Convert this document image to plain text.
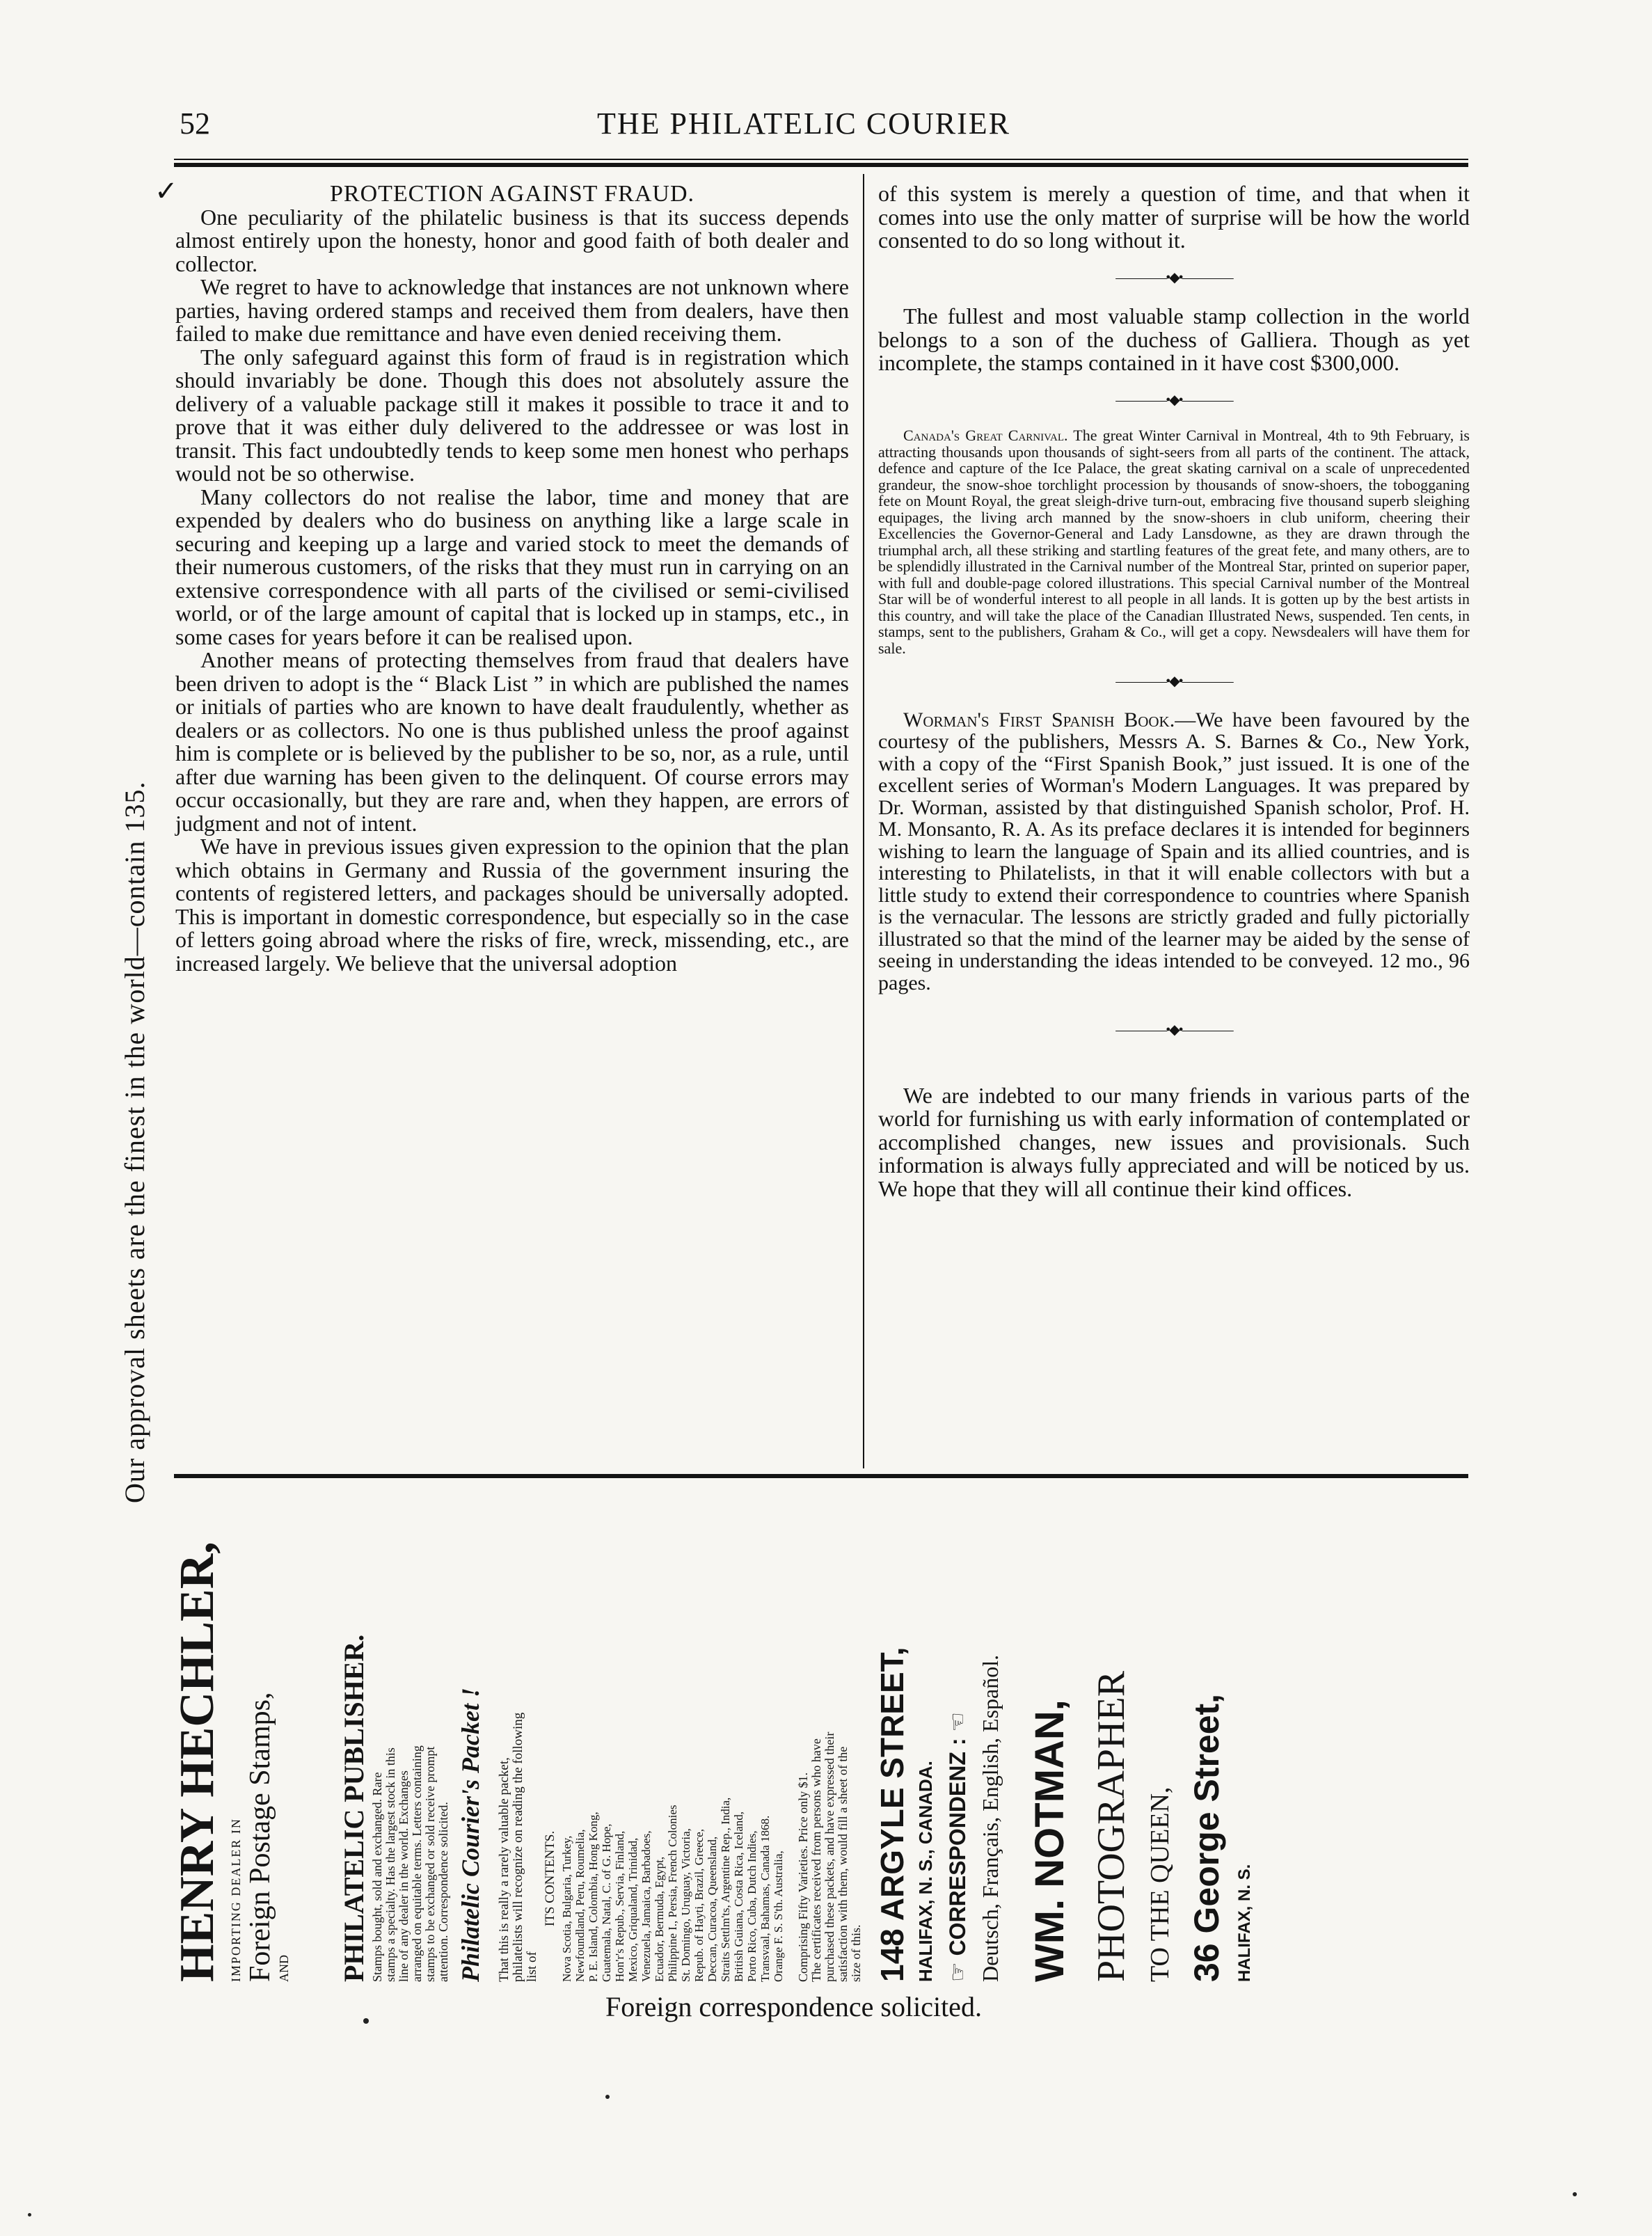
52	THE PHILATELIC COURIER
✓	PROTECTION AGAINST FRAUD.

One peculiarity of the philatelic business is that its success depends almost entirely upon the honesty, honor and good faith of both dealer and collector.

We regret to have to acknowledge that instances are not unknown where parties, having ordered stamps and received them from dealers, have then failed to make due remittance and have even denied receiving them.

The only safeguard against this form of fraud is in registration which should invariably be done. Though this does not absolutely assure the delivery of a valuable package still it makes it possible to trace it and to prove that it was either duly delivered to the addressee or was lost in transit. This fact undoubtedly tends to keep some men honest who perhaps would not be so otherwise.

Many collectors do not realise the labor, time and money that are expended by dealers who do business on anything like a large scale in securing and keeping up a large and varied stock to meet the demands of their numerous customers, of the risks that they must run in carrying on an extensive correspondence with all parts of the civilised or semi-civilised world, or of the large amount of capital that is locked up in stamps, etc., in some cases for years before it can be realised upon.

Another means of protecting themselves from fraud that dealers have been driven to adopt is the “ Black List ” in which are published the names or initials of parties who are known to have dealt fraudulently, whether as dealers or as collectors. No one is thus published unless the proof against him is complete or is believed by the publisher to be so, nor, as a rule, until after due warning has been given to the delinquent. Of course errors may occur occasionally, but they are rare and, when they happen, are errors of judgment and not of intent.

We have in previous issues given expression to the opinion that the plan which obtains in Germany and Russia of the government insuring the contents of registered letters, and packages should be universally adopted. This is important in domestic correspondence, but especially so in the case of letters going abroad where the risks of fire, wreck, missending, etc., are increased largely. We believe that the universal adoption

of this system is merely a question of time, and that when it comes into use the only matter of surprise will be how the world consented to do so long without it.

————•◆•————

The fullest and most valuable stamp collection in the world belongs to a son of the duchess of Galliera. Though as yet incomplete, the stamps contained in it have cost $300,000.

————•◆•————

Canada's Great Carnival. The great Winter Carnival in Montreal, 4th to 9th February, is attracting thousands upon thousands of sight-seers from all parts of the continent. The attack, defence and capture of the Ice Palace, the great skating carnival on a scale of unprecedented grandeur, the snow-shoe torchlight procession by thousands of snow-shoers, the tobogganing fete on Mount Royal, the great sleigh-drive turn-out, embracing five thousand superb sleighing equipages, the living arch manned by the snow-shoers in club uniform, cheering their Excellencies the Governor-General and Lady Lansdowne, as they are drawn through the triumphal arch, all these striking and startling features of the great fete, and many others, are to be splendidly illustrated in the Carnival number of the Montreal Star, printed on superior paper, with full and double-page colored illustrations. This special Carnival number of the Montreal Star will be of wonderful interest to all people in all lands. It is gotten up by the best artists in this country, and will take the place of the Canadian Illustrated News, suspended. Ten cents, in stamps, sent to the publishers, Graham & Co., will get a copy. Newsdealers will have them for sale.

————•◆•————

Worman's First Spanish Book.—We have been favoured by the courtesy of the publishers, Messrs A. S. Barnes & Co., New York, with a copy of the “First Spanish Book,” just issued. It is one of the excellent series of Worman's Modern Languages. It was prepared by Dr. Worman, assisted by that distinguished Spanish scholor, Prof. H. M. Monsanto, R. A. As its preface declares it is intended for beginners wishing to learn the language of Spain and its allied countries, and is interesting to Philatelists, in that it will enable collectors with but a little study to extend their correspondence to countries where Spanish is the vernacular. The lessons are strictly graded and fully pictorially illustrated so that the mind of the learner may be aided by the sense of seeing in understanding the ideas intended to be conveyed. 12 mo., 96 pages.

————•◆•————

We are indebted to our many friends in various parts of the world for furnishing us with early information of contemplated or accomplished changes, new issues and provisionals. Such information is always fully appreciated and will be noticed by us. We hope that they will all continue their kind offices.

Our approval sheets are the finest in the world—contain 135.
HENRY HECHLER, IMPORTING DEALER IN Foreign Postage Stamps, AND PHILATELIC PUBLISHER. Stamps bought, sold and exchanged. Rare stamps a specialty. Has the largest stock in this line of any dealer in the world. Exchanges arranged on equitable terms. Letters containing stamps to be exchanged or sold receive prompt attention. Correspondence solicited. Philatelic Courier's Packet ! That this is really a rarely valuable packet, philatelists will recognize on reading the following list of
ITS CONTENTS. Nova Scotia, Bulgaria, Turkey, Newfoundland, Peru, Roumelia, P. E. Island, Colombia, Hong Kong, Guatemala, Natal, C. of G. Hope, Hon'r's Repub., Servia, Finland, Mexico, Griqualand, Trinidad, Venezuela, Jamaica, Barbadoes, Ecuador, Bermuda, Egypt, Philippine I., Persia, French Colonies St. Domingo, Uruguay, Victoria, Repub. of Hayti, Brazil, Greece, Deccan, Curacoa, Queensland, Straits Settlm'ts, Argentine Rep., India, British Guiana, Costa Rica, Iceland, Porto Rico, Cuba, Dutch Indies, Transvaal, Bahamas, Canada 1868. Orange F. S. S'th. Australia, Comprising Fifty Varieties. Price only $1. The certificates received from persons who have purchased these packets, and have expressed their satisfaction with them, would fill a sheet of the size of this. 148 ARGYLE STREET, HALIFAX, N. S., CANADA. ☞ CORRESPONDENZ : ☜ Deutsch, Français, English, Español. WM. NOTMAN, PHOTOGRAPHER TO THE QUEEN, 36 George Street, HALIFAX, N. S.
Foreign correspondence solicited.
